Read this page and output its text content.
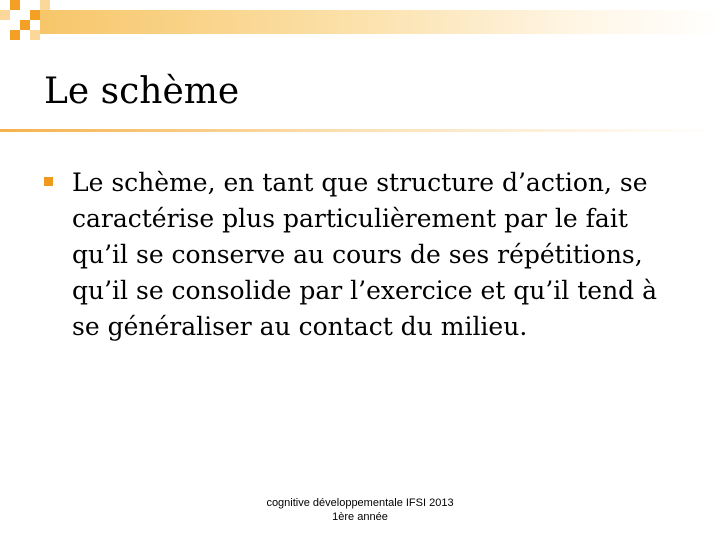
Le schème
Le schème, en tant que structure d’action, se caractérise plus particulièrement par le fait qu’il se conserve au cours de ses répétitions, qu’il se consolide par l’exercice et qu’il tend à se généraliser au contact du milieu.
cognitive développementale IFSI 2013
1ère année
